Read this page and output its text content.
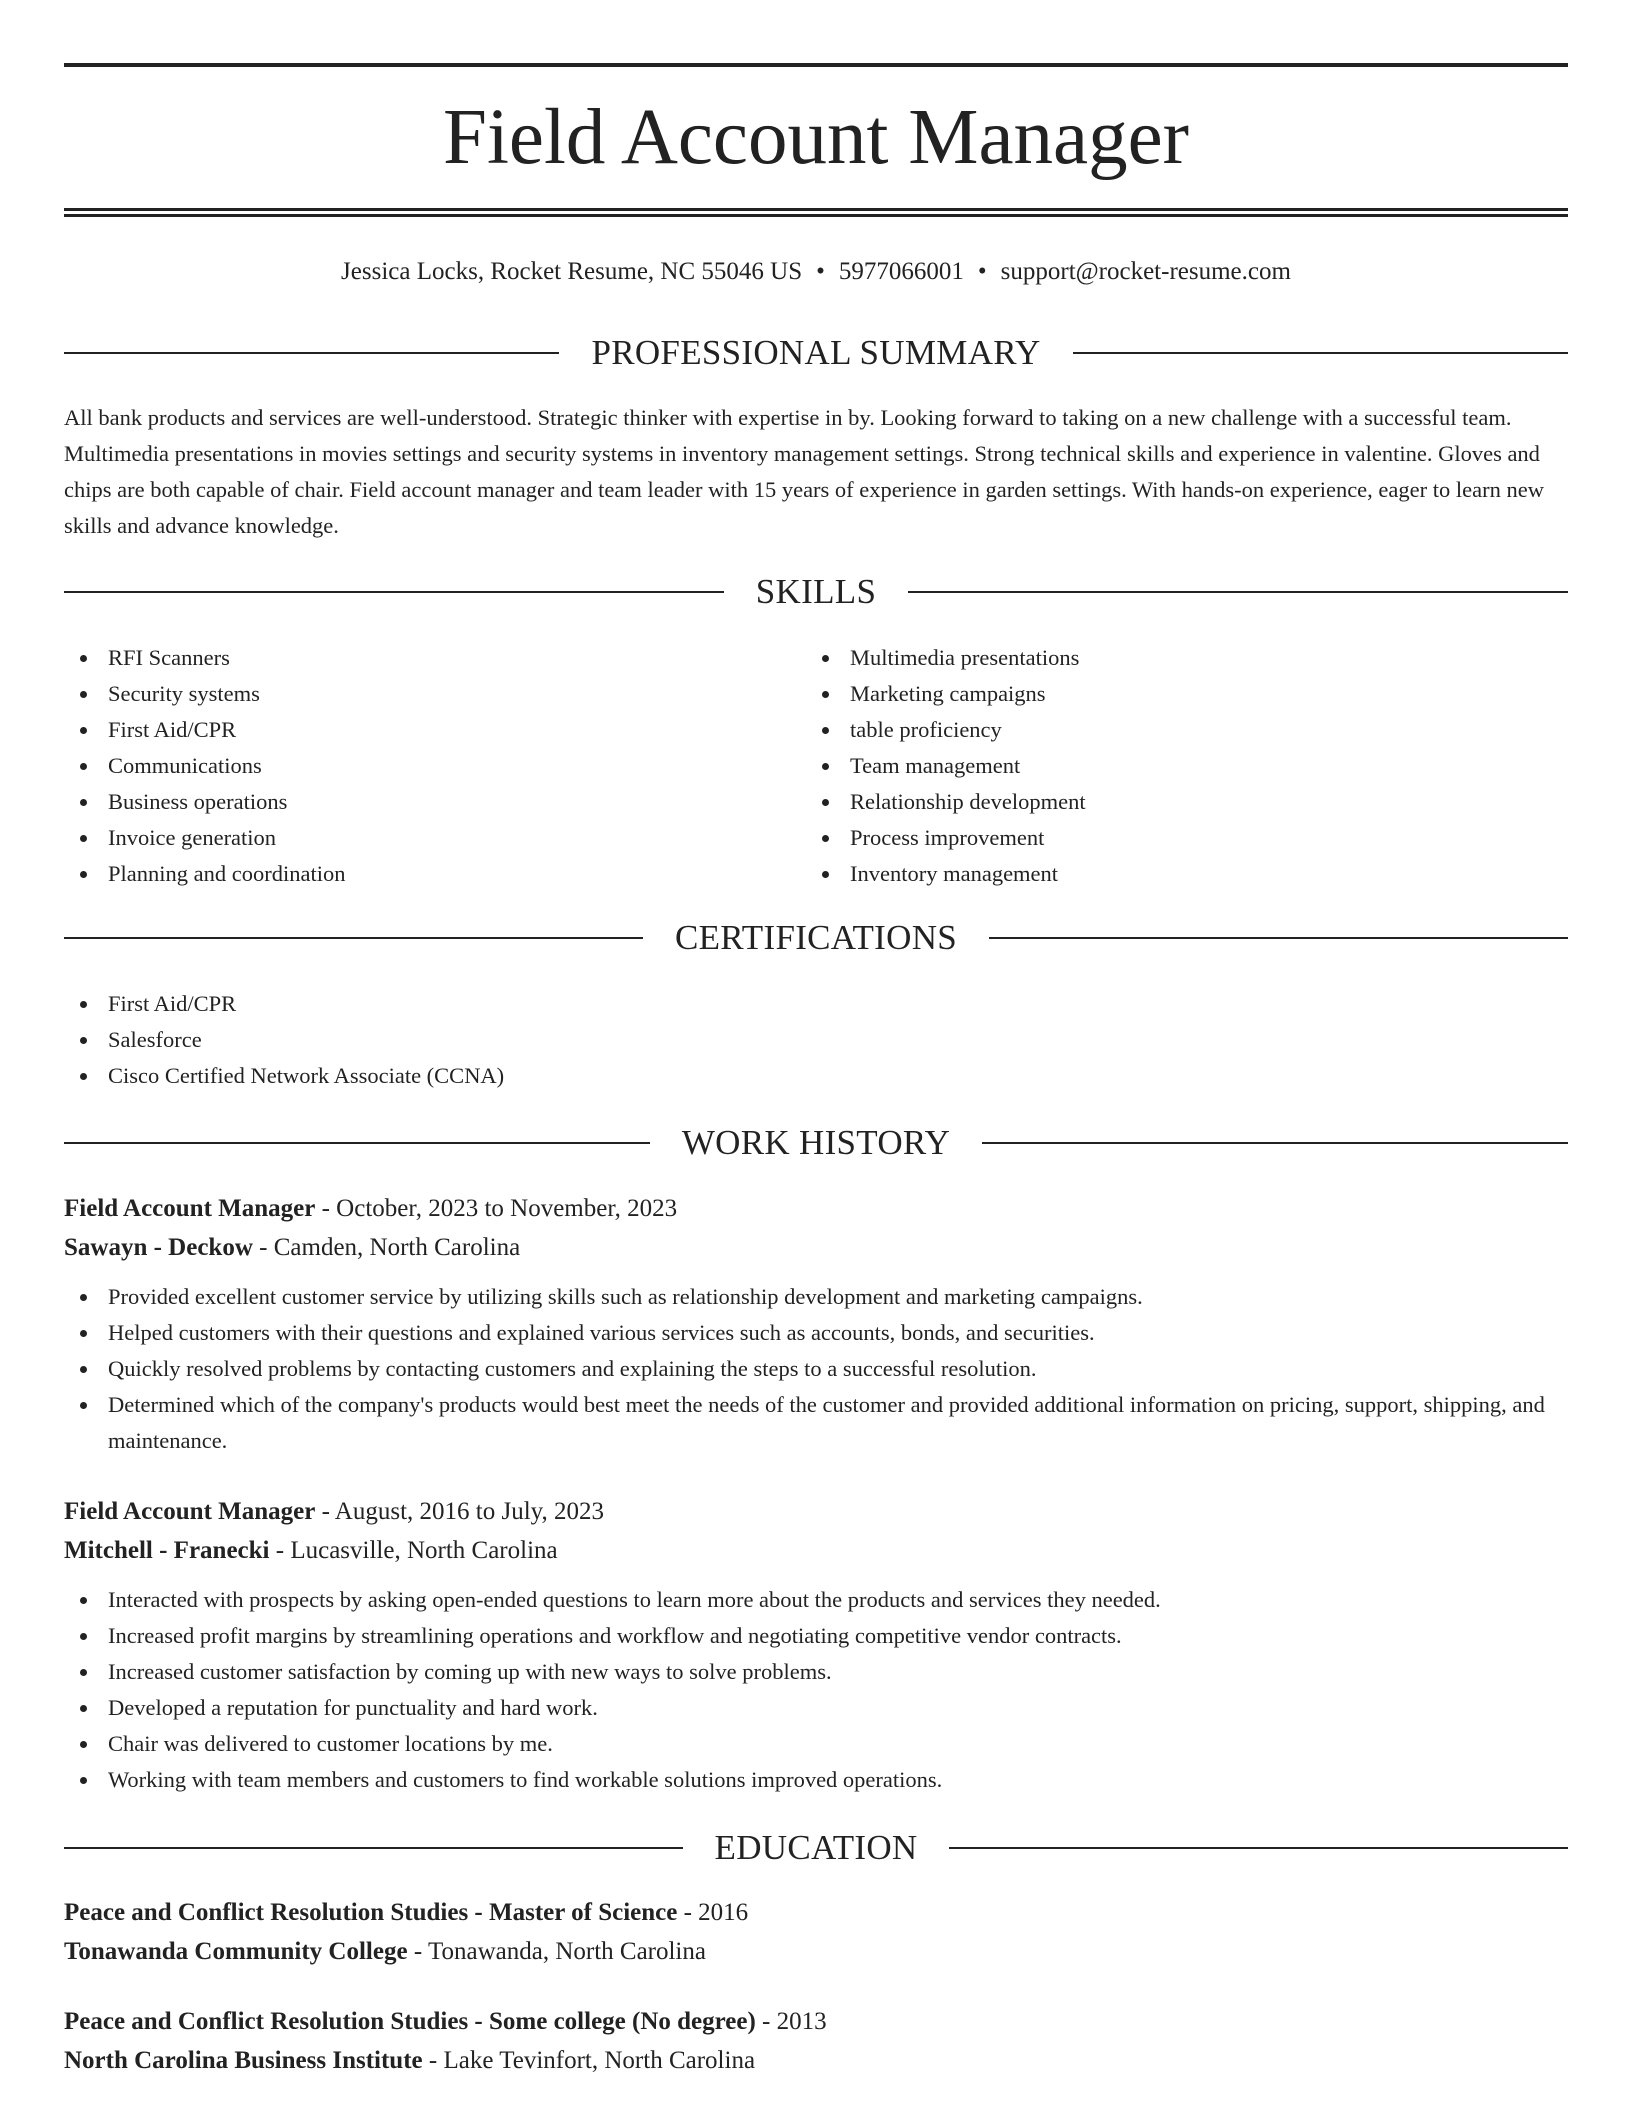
Field Account Manager
Jessica Locks, Rocket Resume, NC 55046 US • 5977066001 • support@rocket-resume.com
PROFESSIONAL SUMMARY

All bank products and services are well-understood. Strategic thinker with expertise in by. Looking forward to taking on a new challenge with a successful team. Multimedia presentations in movies settings and security systems in inventory management settings. Strong technical skills and experience in valentine. Gloves and chips are both capable of chair. Field account manager and team leader with 15 years of experience in garden settings. With hands-on experience, eager to learn new skills and advance knowledge.

SKILLS
RFI Scanners
Security systems
First Aid/CPR
Communications
Business operations
Invoice generation
Planning and coordination
Multimedia presentations
Marketing campaigns
table proficiency
Team management
Relationship development
Process improvement
Inventory management
CERTIFICATIONS
First Aid/CPR
Salesforce
Cisco Certified Network Associate (CCNA)
WORK HISTORY

Field Account Manager - October, 2023 to November, 2023

Sawayn - Deckow - Camden, North Carolina

Provided excellent customer service by utilizing skills such as relationship development and marketing campaigns.
Helped customers with their questions and explained various services such as accounts, bonds, and securities.
Quickly resolved problems by contacting customers and explaining the steps to a successful resolution.
Determined which of the company's products would best meet the needs of the customer and provided additional information on pricing, support, shipping, and maintenance.

Field Account Manager - August, 2016 to July, 2023

Mitchell - Franecki - Lucasville, North Carolina

Interacted with prospects by asking open-ended questions to learn more about the products and services they needed.
Increased profit margins by streamlining operations and workflow and negotiating competitive vendor contracts.
Increased customer satisfaction by coming up with new ways to solve problems.
Developed a reputation for punctuality and hard work.
Chair was delivered to customer locations by me.
Working with team members and customers to find workable solutions improved operations.
EDUCATION

Peace and Conflict Resolution Studies - Master of Science - 2016

Tonawanda Community College - Tonawanda, North Carolina

Peace and Conflict Resolution Studies - Some college (No degree) - 2013

North Carolina Business Institute - Lake Tevinfort, North Carolina
